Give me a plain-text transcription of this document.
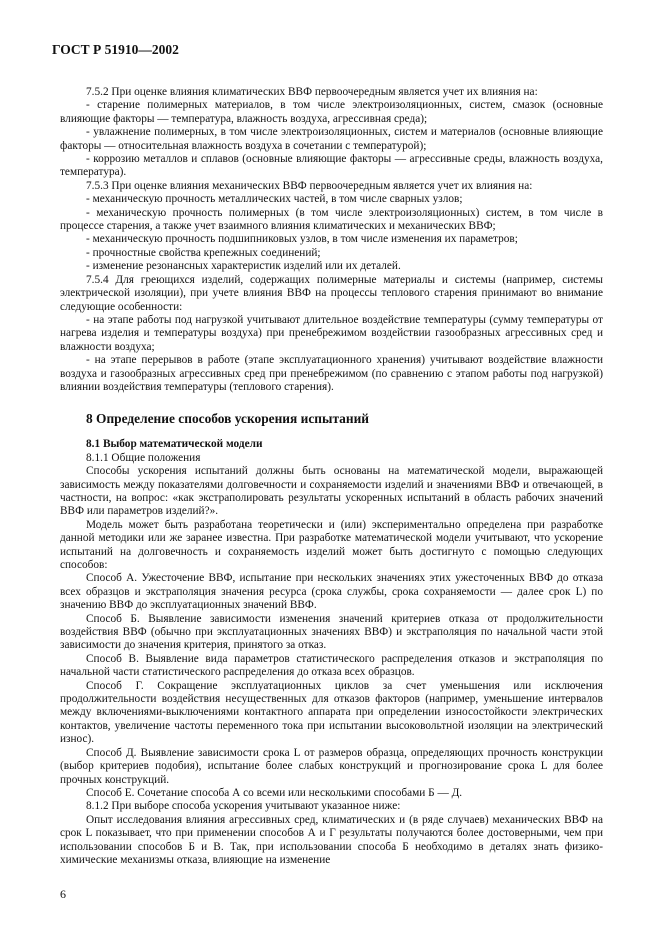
ГОСТ Р 51910—2002

7.5.2 При оценке влияния климатических ВВФ первоочередным является учет их влияния на:

- старение полимерных материалов, в том числе электроизоляционных, систем, смазок (основные влияющие факторы — температура, влажность воздуха, агрессивная среда);

- увлажнение полимерных, в том числе электроизоляционных, систем и материалов (основные влияющие факторы — относительная влажность воздуха в сочетании с температурой);

- коррозию металлов и сплавов (основные влияющие факторы — агрессивные среды, влажность воздуха, температура).

7.5.3 При оценке влияния механических ВВФ первоочередным является учет их влияния на:

- механическую прочность металлических частей, в том числе сварных узлов;

- механическую прочность полимерных (в том числе электроизоляционных) систем, в том числе в процессе старения, а также учет взаимного влияния климатических и механических ВВФ;

- механическую прочность подшипниковых узлов, в том числе изменения их параметров;

- прочностные свойства крепежных соединений;

- изменение резонансных характеристик изделий или их деталей.

7.5.4 Для греющихся изделий, содержащих полимерные материалы и системы (например, системы электрической изоляции), при учете влияния ВВФ на процессы теплового старения принимают во внимание следующие особенности:

- на этапе работы под нагрузкой учитывают длительное воздействие температуры (сумму температуры от нагрева изделия и температуры воздуха) при пренебрежимом воздействии газообразных агрессивных сред и влажности воздуха;

- на этапе перерывов в работе (этапе эксплуатационного хранения) учитывают воздействие влажности воздуха и газообразных агрессивных сред при пренебрежимом (по сравнению с этапом работы под нагрузкой) влиянии воздействия температуры (теплового старения).

8 Определение способов ускорения испытаний
8.1 Выбор математической модели

8.1.1 Общие положения

Способы ускорения испытаний должны быть основаны на математической модели, выражающей зависимость между показателями долговечности и сохраняемости изделий и значениями ВВФ и отвечающей, в частности, на вопрос: «как экстраполировать результаты ускоренных испытаний в область рабочих значений ВВФ или параметров изделий?».

Модель может быть разработана теоретически и (или) экспериментально определена при разработке данной методики или же заранее известна. При разработке математической модели учитывают, что ускорение испытаний на долговечность и сохраняемость изделий может быть достигнуто с помощью следующих способов:

Способ А. Ужесточение ВВФ, испытание при нескольких значениях этих ужесточенных ВВФ до отказа всех образцов и экстраполяция значения ресурса (срока службы, срока сохраняемости — далее срок L) по значению ВВФ до эксплуатационных значений ВВФ.

Способ Б. Выявление зависимости изменения значений критериев отказа от продолжительности воздействия ВВФ (обычно при эксплуатационных значениях ВВФ) и экстраполяция по начальной части этой зависимости до значения критерия, принятого за отказ.

Способ В. Выявление вида параметров статистического распределения отказов и экстраполяция по начальной части статистического распределения до отказа всех образцов.

Способ Г. Сокращение эксплуатационных циклов за счет уменьшения или исключения продолжительности воздействия несущественных для отказов факторов (например, уменьшение интервалов между включениями-выключениями контактного аппарата при определении износостойкости электрических контактов, увеличение частоты переменного тока при испытании высоковольтной изоляции на электрический износ).

Способ Д. Выявление зависимости срока L от размеров образца, определяющих прочность конструкции (выбор критериев подобия), испытание более слабых конструкций и прогнозирование срока L для более прочных конструкций.

Способ Е. Сочетание способа А со всеми или несколькими способами Б — Д.

8.1.2 При выборе способа ускорения учитывают указанное ниже:

Опыт исследования влияния агрессивных сред, климатических и (в ряде случаев) механических ВВФ на срок L показывает, что при применении способов А и Г результаты получаются более достоверными, чем при использовании способов Б и В. Так, при использовании способа Б необходимо в деталях знать физико-химические механизмы отказа, влияющие на изменение

6
